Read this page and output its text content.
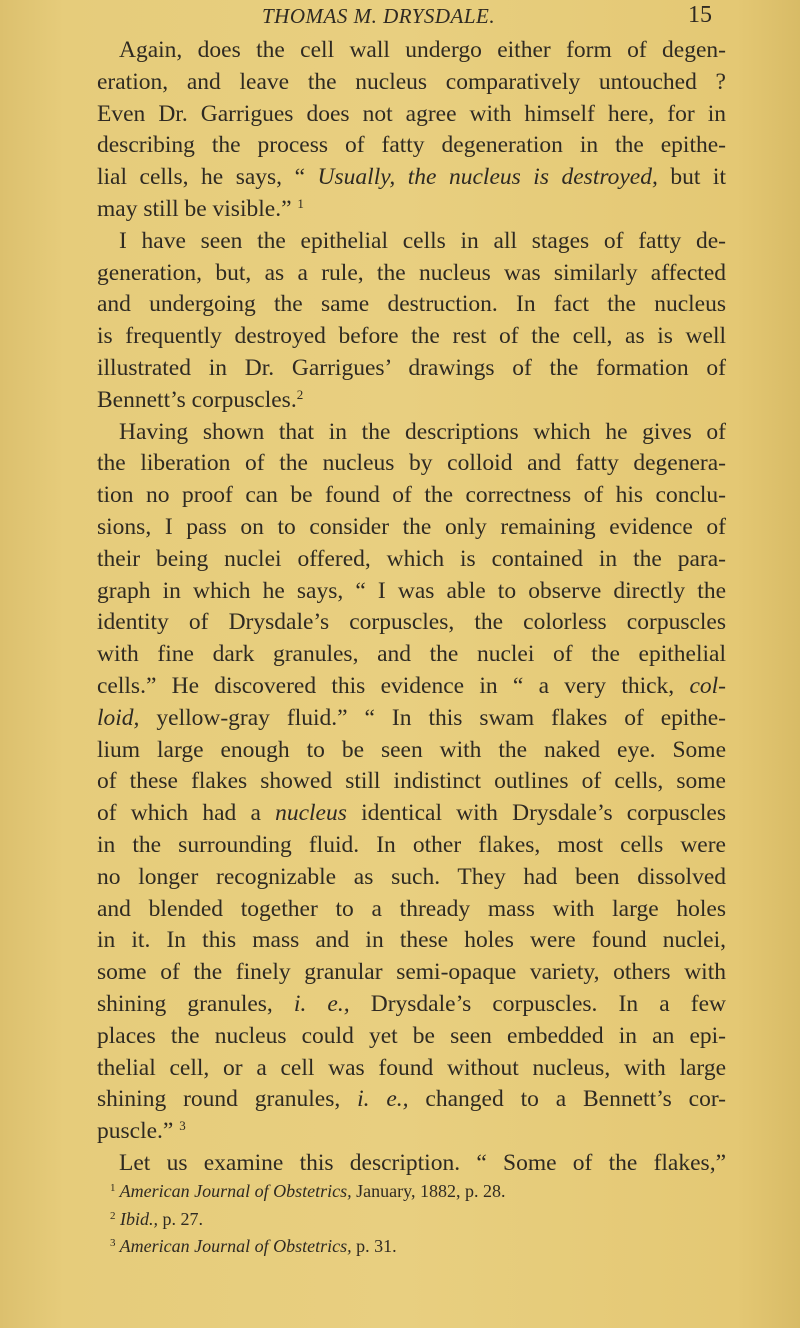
THOMAS M. DRYSDALE.	15
Again, does the cell wall undergo either form of degen-
eration, and leave the nucleus comparatively untouched ?
Even Dr. Garrigues does not agree with himself here, for in
describing the process of fatty degeneration in the epithe-
lial cells, he says, “ Usually, the nucleus is destroyed, but it
may still be visible.” $^1$
I have seen the epithelial cells in all stages of fatty de-
generation, but, as a rule, the nucleus was similarly affected
and undergoing the same destruction. In fact the nucleus
is frequently destroyed before the rest of the cell, as is well
illustrated in Dr. Garrigues’ drawings of the formation of
Bennett’s corpuscles.$^2$
Having shown that in the descriptions which he gives of
the liberation of the nucleus by colloid and fatty degenera-
tion no proof can be found of the correctness of his conclu-
sions, I pass on to consider the only remaining evidence of
their being nuclei offered, which is contained in the para-
graph in which he says, “ I was able to observe directly the
identity of Drysdale’s corpuscles, the colorless corpuscles
with fine dark granules, and the nuclei of the epithelial
cells.” He discovered this evidence in “ a very thick, col-
loid, yellow-gray fluid.” “ In this swam flakes of epithe-
lium large enough to be seen with the naked eye. Some
of these flakes showed still indistinct outlines of cells, some
of which had a nucleus identical with Drysdale’s corpuscles
in the surrounding fluid. In other flakes, most cells were
no longer recognizable as such. They had been dissolved
and blended together to a thready mass with large holes
in it. In this mass and in these holes were found nuclei,
some of the finely granular semi-opaque variety, others with
shining granules, i. e., Drysdale’s corpuscles. In a few
places the nucleus could yet be seen embedded in an epi-
thelial cell, or a cell was found without nucleus, with large
shining round granules, i. e., changed to a Bennett’s cor-
puscle.” $^3$
Let us examine this description. “ Some of the flakes,”
$^1$ American Journal of Obstetrics, January, 1882, p. 28.
$^2$ Ibid., p. 27.
$^3$ American Journal of Obstetrics, p. 31.
